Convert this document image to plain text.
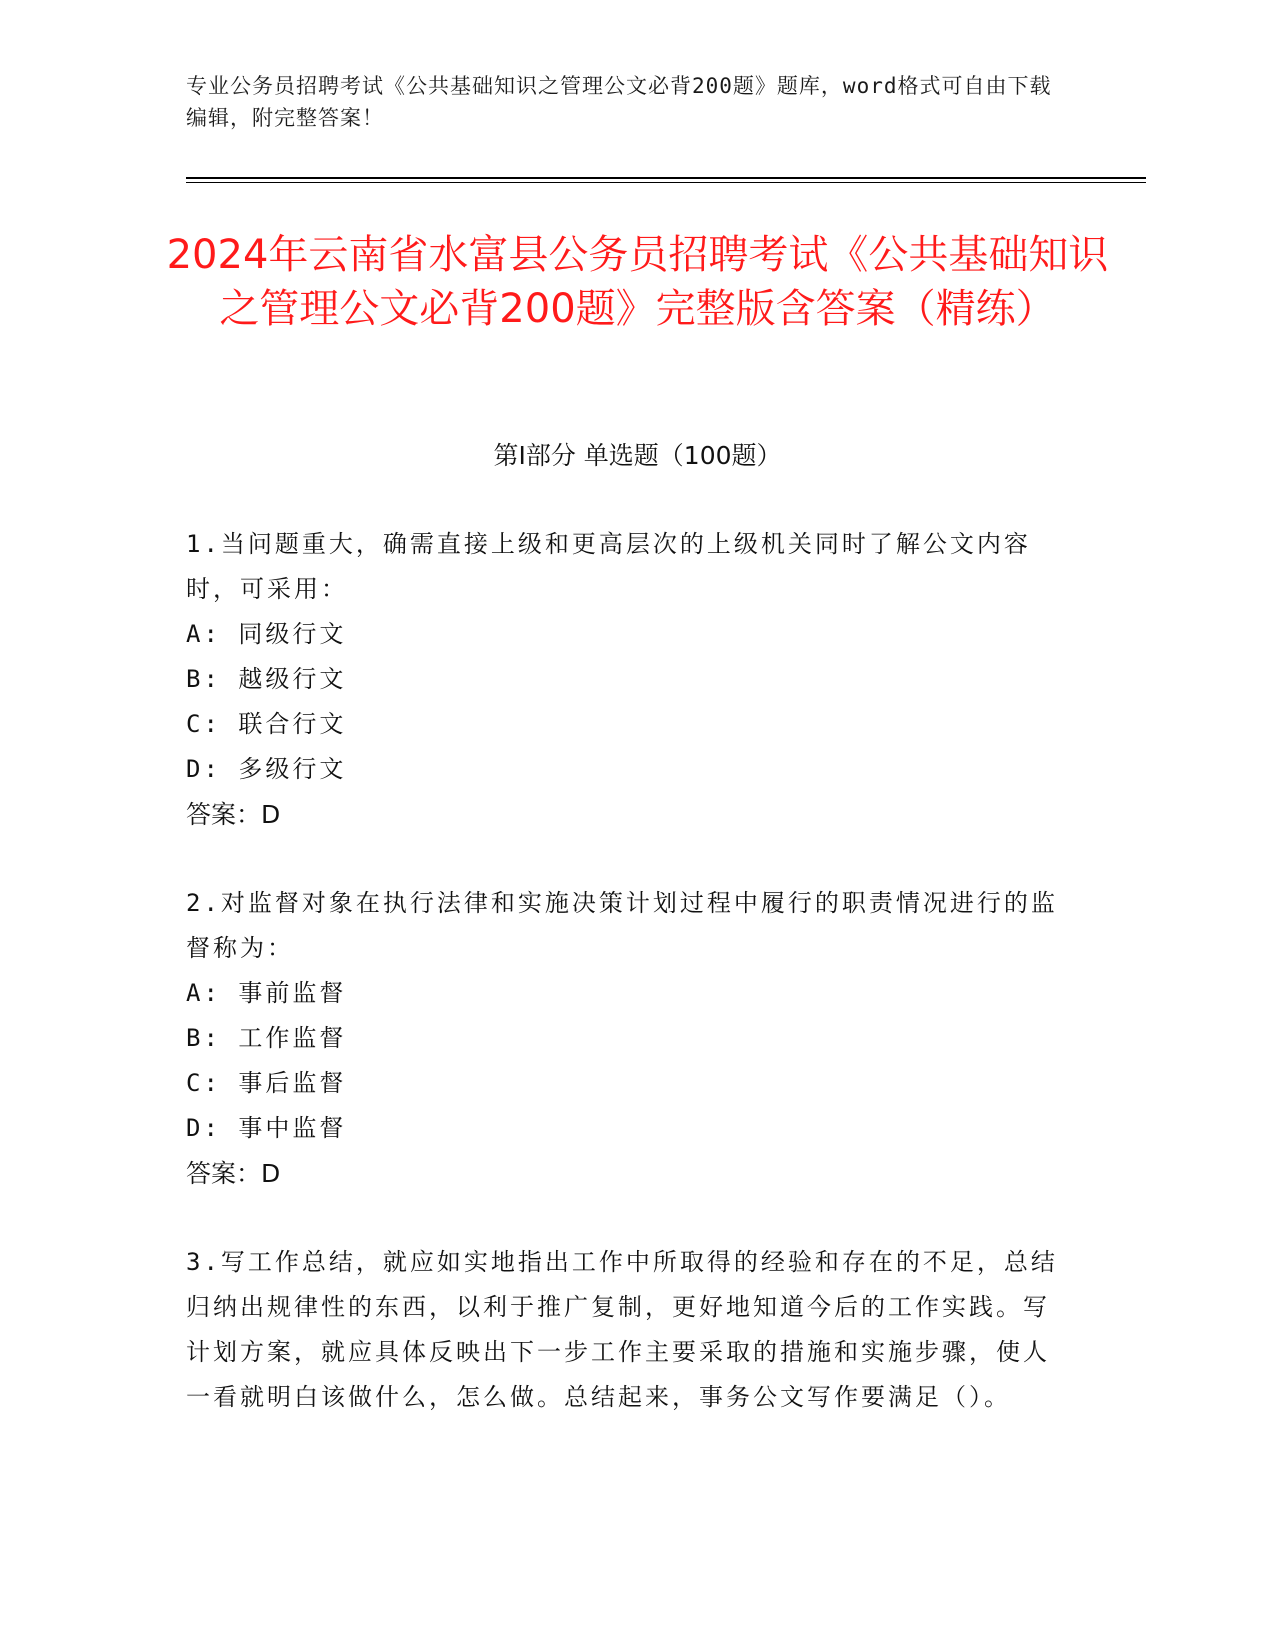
专业公务员招聘考试《公共基础知识之管理公文必背200题》题库，word格式可自由下载编辑，附完整答案！
2024年云南省水富县公务员招聘考试《公共基础知识之管理公文必背200题》完整版含答案（精练）
第I部分 单选题（100题）
1.当问题重大，确需直接上级和更高层次的上级机关同时了解公文内容时，可采用：
A: 同级行文
B: 越级行文
C: 联合行文
D: 多级行文
答案：D
2.对监督对象在执行法律和实施决策计划过程中履行的职责情况进行的监督称为：
A: 事前监督
B: 工作监督
C: 事后监督
D: 事中监督
答案：D
3.写工作总结，就应如实地指出工作中所取得的经验和存在的不足，总结归纳出规律性的东西，以利于推广复制，更好地知道今后的工作实践。写计划方案，就应具体反映出下一步工作主要采取的措施和实施步骤，使人一看就明白该做什么，怎么做。总结起来，事务公文写作要满足（）。
